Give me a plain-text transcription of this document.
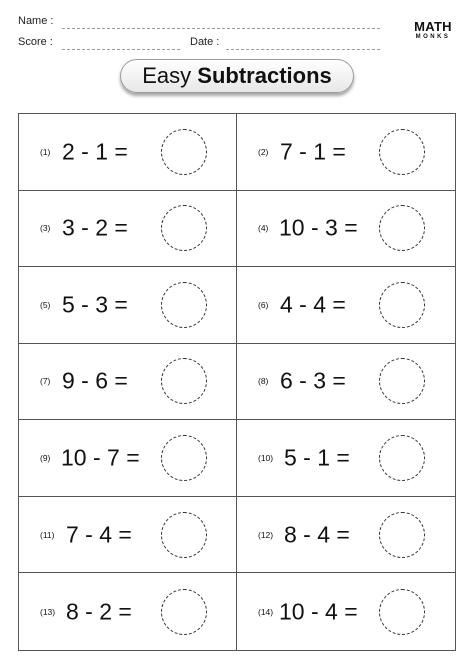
Name :
Score :	Date :
MATH
MONKS
Easy Subtractions
(1) 2 - 1 =	(2) 7 - 1 =
(3) 3 - 2 =	(4) 10 - 3 =
(5) 5 - 3 =	(6) 4 - 4 =
(7) 9 - 6 =	(8) 6 - 3 =
(9) 10 - 7 =	(10) 5 - 1 =
(11) 7 - 4 =	(12) 8 - 4 =
(13) 8 - 2 =	(14) 10 - 4 =
